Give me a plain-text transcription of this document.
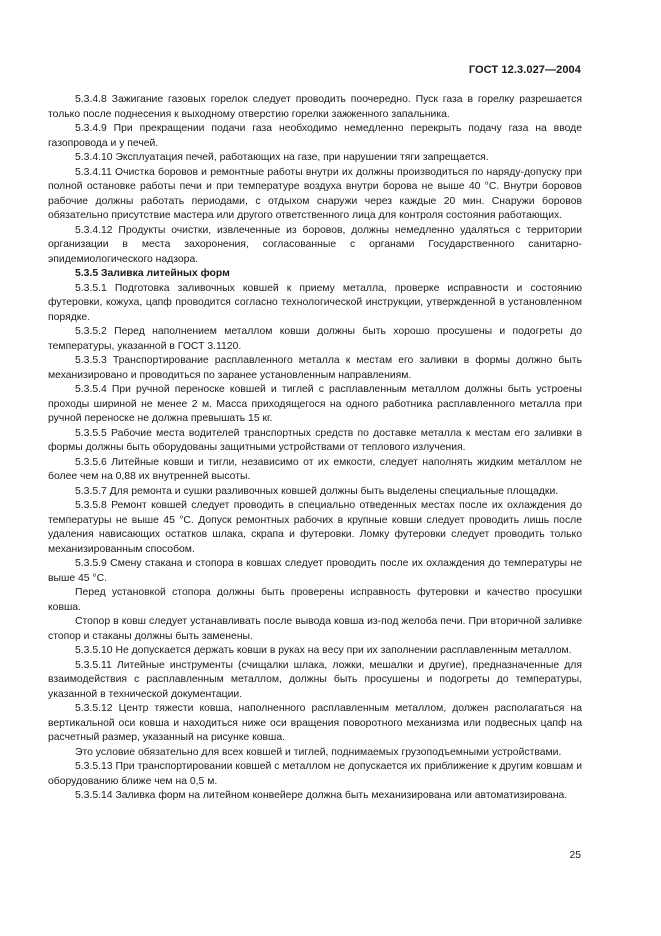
ГОСТ 12.3.027—2004

5.3.4.8 Зажигание газовых горелок следует проводить поочередно. Пуск газа в горелку разрешается только после поднесения к выходному отверстию горелки зажженного запальника.

5.3.4.9 При прекращении подачи газа необходимо немедленно перекрыть подачу газа на вводе газопровода и у печей.

5.3.4.10 Эксплуатация печей, работающих на газе, при нарушении тяги запрещается.

5.3.4.11 Очистка боровов и ремонтные работы внутри их должны производиться по наряду-допуску при полной остановке работы печи и при температуре воздуха внутри борова не выше 40 °С. Внутри боровов рабочие должны работать периодами, с отдыхом снаружи через каждые 20 мин. Снаружи боровов обязательно присутствие мастера или другого ответственного лица для контроля состояния работающих.

5.3.4.12 Продукты очистки, извлеченные из боровов, должны немедленно удаляться с территории организации в места захоронения, согласованные с органами Государственного санитарно-эпидемиологического надзора.

5.3.5 Заливка литейных форм

5.3.5.1 Подготовка заливочных ковшей к приему металла, проверке исправности и состоянию футеровки, кожуха, цапф проводится согласно технологической инструкции, утвержденной в установленном порядке.

5.3.5.2 Перед наполнением металлом ковши должны быть хорошо просушены и подогреты до температуры, указанной в ГОСТ 3.1120.

5.3.5.3 Транспортирование расплавленного металла к местам его заливки в формы должно быть механизировано и проводиться по заранее установленным направлениям.

5.3.5.4 При ручной переноске ковшей и тиглей с расплавленным металлом должны быть устроены проходы шириной не менее 2 м. Масса приходящегося на одного работника расплавленного металла при ручной переноске не должна превышать 15 кг.

5.3.5.5 Рабочие места водителей транспортных средств по доставке металла к местам его заливки в формы должны быть оборудованы защитными устройствами от теплового излучения.

5.3.5.6 Литейные ковши и тигли, независимо от их емкости, следует наполнять жидким металлом не более чем на 0,88 их внутренней высоты.

5.3.5.7 Для ремонта и сушки разливочных ковшей должны быть выделены специальные площадки.

5.3.5.8 Ремонт ковшей следует проводить в специально отведенных местах после их охлаждения до температуры не выше 45 °С. Допуск ремонтных рабочих в крупные ковши следует проводить лишь после удаления нависающих остатков шлака, скрапа и футеровки. Ломку футеровки следует проводить только механизированным способом.

5.3.5.9 Смену стакана и стопора в ковшах следует проводить после их охлаждения до температуры не выше 45 °С.

Перед установкой стопора должны быть проверены исправность футеровки и качество просушки ковша.

Стопор в ковш следует устанавливать после вывода ковша из-под желоба печи. При вторичной заливке стопор и стаканы должны быть заменены.

5.3.5.10 Не допускается держать ковши в руках на весу при их заполнении расплавленным металлом.

5.3.5.11 Литейные инструменты (счищалки шлака, ложки, мешалки и другие), предназначенные для взаимодействия с расплавленным металлом, должны быть просушены и подогреты до температуры, указанной в технической документации.

5.3.5.12 Центр тяжести ковша, наполненного расплавленным металлом, должен располагаться на вертикальной оси ковша и находиться ниже оси вращения поворотного механизма или подвесных цапф на расчетный размер, указанный на рисунке ковша.

Это условие обязательно для всех ковшей и тиглей, поднимаемых грузоподъемными устройствами.

5.3.5.13 При транспортировании ковшей с металлом не допускается их приближение к другим ковшам и оборудованию ближе чем на 0,5 м.

5.3.5.14 Заливка форм на литейном конвейере должна быть механизирована или автоматизирована.

25
